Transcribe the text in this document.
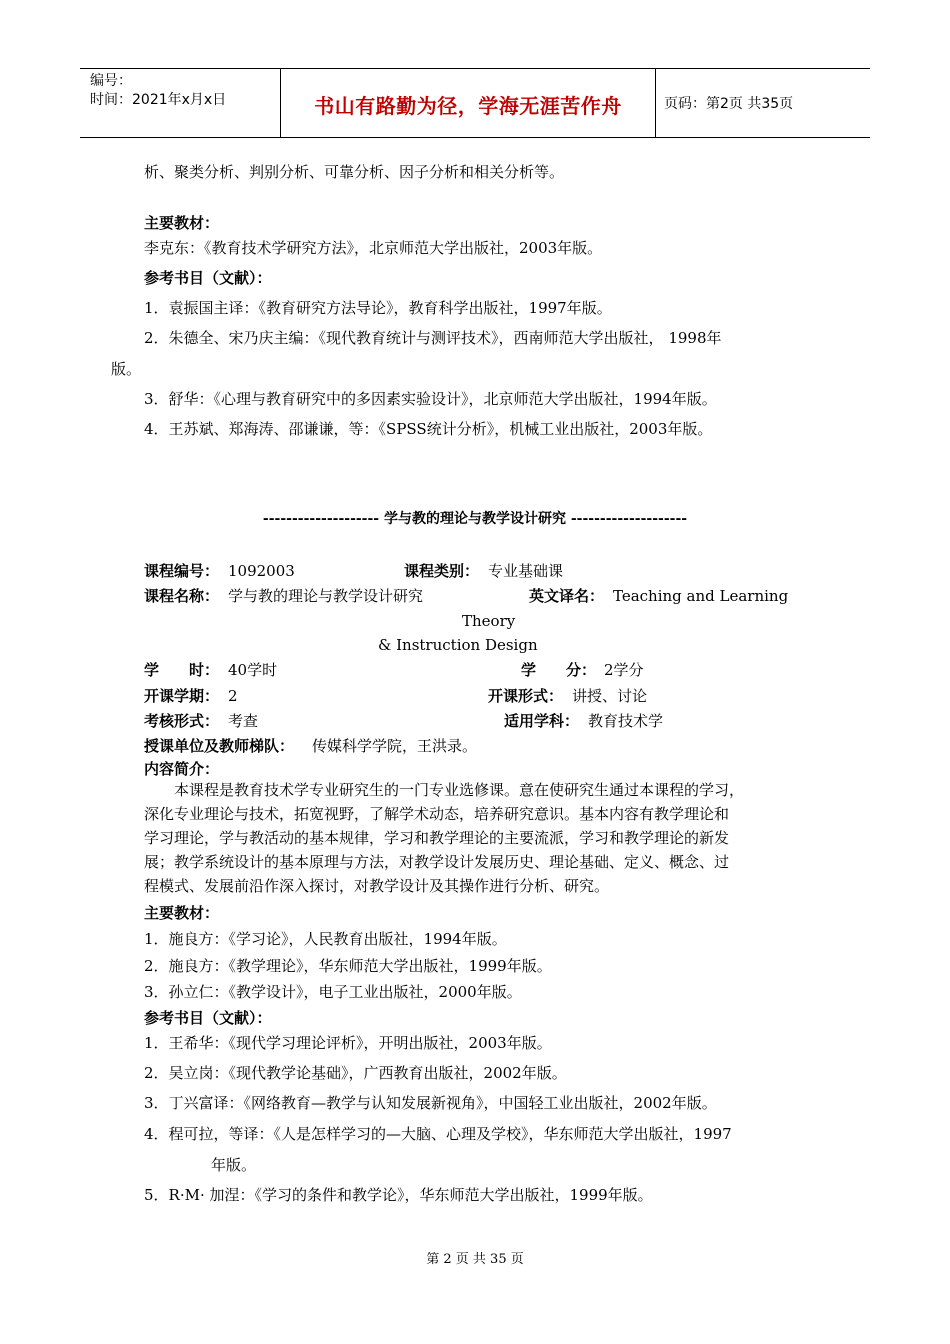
编号：
时间：2021年x月x日	书山有路勤为径，学海无涯苦作舟	页码：第2页 共35页
析、聚类分析、判别分析、可靠分析、因子分析和相关分析等。
主要教材：
李克东：《教育技术学研究方法》，北京师范大学出版社，2003年版。
参考书目（文献）：
1．袁振国主译：《教育研究方法导论》，教育科学出版社，1997年版。
2．朱德全、宋乃庆主编：《现代教育统计与测评技术》，西南师范大学出版社， 1998年
版。
3．舒华：《心理与教育研究中的多因素实验设计》，北京师范大学出版社，1994年版。
4．王苏斌、郑海涛、邵谦谦，等：《SPSS统计分析》，机械工业出版社，2003年版。
-------------------- 学与教的理论与教学设计研究 --------------------
课程编号： 1092003	课程类别： 专业基础课
课程名称： 学与教的理论与教学设计研究	英文译名： Teaching and Learning
Theory
& Instruction Design
学　　时： 40学时	学　　分： 2学分
开课学期： 2	开课形式： 讲授、讨论
考核形式： 考查	适用学科： 教育技术学
授课单位及教师梯队： 传媒科学学院，王洪录。
内容简介：

　　本课程是教育技术学专业研究生的一门专业选修课。意在使研究生通过本课程的学习，

深化专业理论与技术，拓宽视野，了解学术动态，培养研究意识。基本内容有教学理论和

学习理论，学与教活动的基本规律，学习和教学理论的主要流派，学习和教学理论的新发

展；教学系统设计的基本原理与方法，对教学设计发展历史、理论基础、定义、概念、过

程模式、发展前沿作深入探讨，对教学设计及其操作进行分析、研究。

主要教材：
1．施良方：《学习论》，人民教育出版社，1994年版。
2．施良方：《教学理论》，华东师范大学出版社，1999年版。
3．孙立仁：《教学设计》，电子工业出版社，2000年版。
参考书目（文献）：
1．王希华：《现代学习理论评析》，开明出版社，2003年版。
2．吴立岗：《现代教学论基础》，广西教育出版社，2002年版。
3．丁兴富译：《网络教育—教学与认知发展新视角》，中国轻工业出版社，2002年版。
4．程可拉，等译：《人是怎样学习的—大脑、心理及学校》，华东师范大学出版社，1997
年版。
5．R·M· 加涅：《学习的条件和教学论》，华东师范大学出版社，1999年版。
第 2 页 共 35 页
